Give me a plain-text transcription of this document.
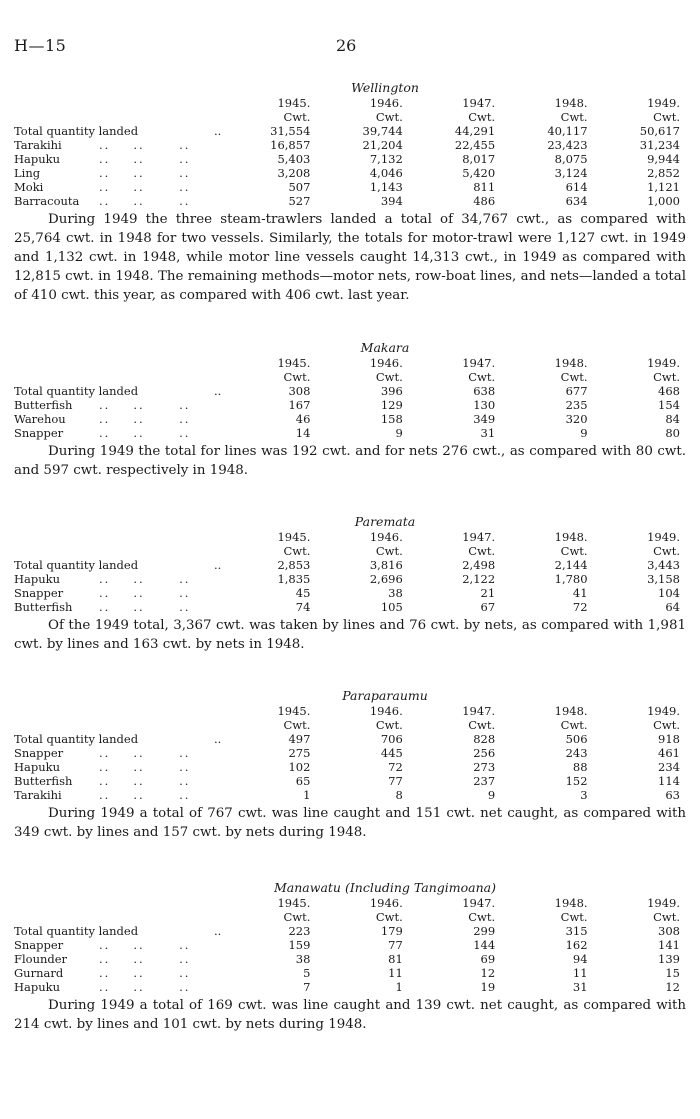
H—15	26
Wellington
	1945.	1946.	1947.	1948.	1949.
	Cwt.	Cwt.	Cwt.	Cwt.	Cwt.
Total quantity landed ..	31,554	39,744	44,291	40,117	50,617
Tarakihi ..   ..    ..	16,857	21,204	22,455	23,423	31,234
Hapuku ..   ..    ..	5,403	7,132	8,017	8,075	9,944
Ling ..   ..    ..	3,208	4,046	5,420	3,124	2,852
Moki ..   ..    ..	507	1,143	811	614	1,121
Barracouta ..   ..    ..	527	394	486	634	1,000

During 1949 the three steam-trawlers landed a total of 34,767 cwt., as compared with 25,764 cwt. in 1948 for two vessels. Similarly, the totals for motor-trawl were 1,127 cwt. in 1949 and 1,132 cwt. in 1948, while motor line vessels caught 14,313 cwt., in 1949 as compared with 12,815 cwt. in 1948. The remaining methods—motor nets, row-boat lines, and nets—landed a total of 410 cwt. this year, as compared with 406 cwt. last year.

Makara
	1945.	1946.	1947.	1948.	1949.
	Cwt.	Cwt.	Cwt.	Cwt.	Cwt.
Total quantity landed ..	308	396	638	677	468
Butterfish ..   ..    ..	167	129	130	235	154
Warehou ..   ..    ..	46	158	349	320	84
Snapper ..   ..    ..	14	9	31	9	80

During 1949 the total for lines was 192 cwt. and for nets 276 cwt., as compared with 80 cwt. and 597 cwt. respectively in 1948.

Paremata
	1945.	1946.	1947.	1948.	1949.
	Cwt.	Cwt.	Cwt.	Cwt.	Cwt.
Total quantity landed ..	2,853	3,816	2,498	2,144	3,443
Hapuku ..   ..    ..	1,835	2,696	2,122	1,780	3,158
Snapper ..   ..    ..	45	38	21	41	104
Butterfish ..   ..    ..	74	105	67	72	64

Of the 1949 total, 3,367 cwt. was taken by lines and 76 cwt. by nets, as compared with 1,981 cwt. by lines and 163 cwt. by nets in 1948.

Paraparaumu
	1945.	1946.	1947.	1948.	1949.
	Cwt.	Cwt.	Cwt.	Cwt.	Cwt.
Total quantity landed ..	497	706	828	506	918
Snapper ..   ..    ..	275	445	256	243	461
Hapuku ..   ..    ..	102	72	273	88	234
Butterfish ..   ..    ..	65	77	237	152	114
Tarakihi ..   ..    ..	1	8	9	3	63

During 1949 a total of 767 cwt. was line caught and 151 cwt. net caught, as compared with 349 cwt. by lines and 157 cwt. by nets during 1948.

Manawatu (Including Tangimoana)
	1945.	1946.	1947.	1948.	1949.
	Cwt.	Cwt.	Cwt.	Cwt.	Cwt.
Total quantity landed ..	223	179	299	315	308
Snapper ..   ..    ..	159	77	144	162	141
Flounder ..   ..    ..	38	81	69	94	139
Gurnard ..   ..    ..	5	11	12	11	15
Hapuku ..   ..    ..	7	1	19	31	12

During 1949 a total of 169 cwt. was line caught and 139 cwt. net caught, as compared with 214 cwt. by lines and 101 cwt. by nets during 1948.
